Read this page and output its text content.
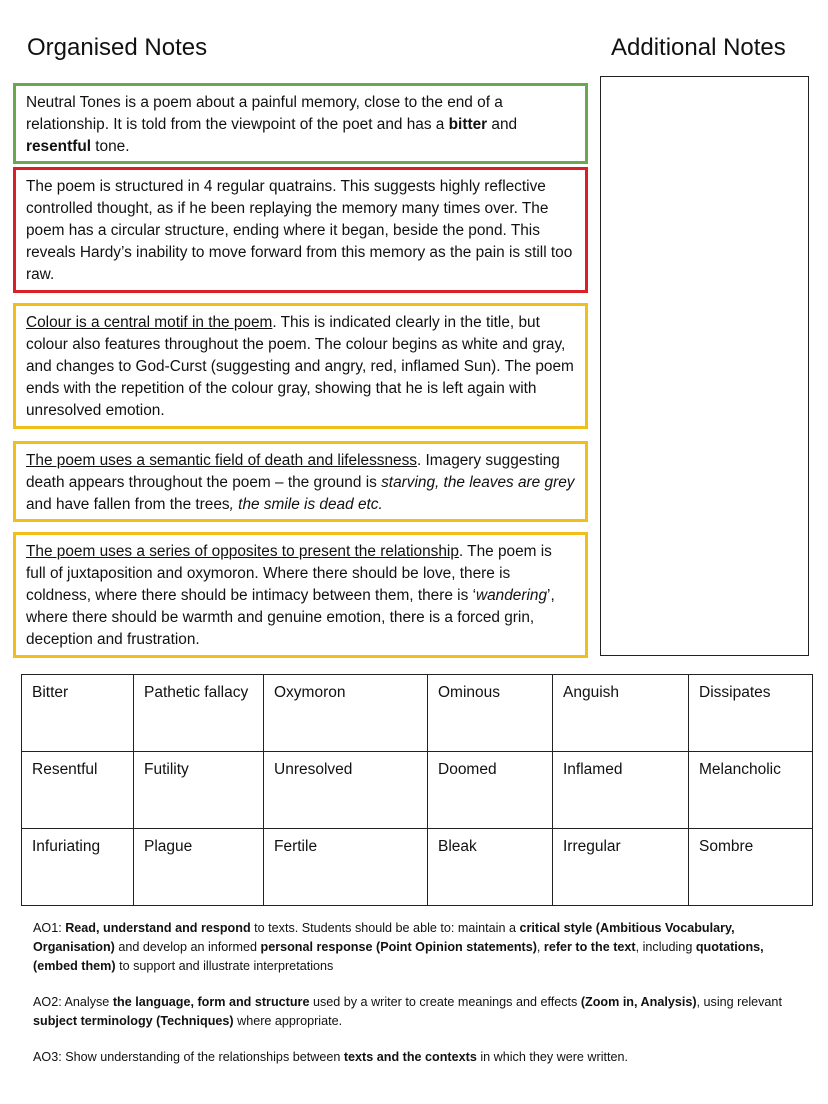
Organised Notes	Additional Notes
Neutral Tones is a poem about a painful memory, close to the end of a relationship. It is told from the viewpoint of the poet and has a bitter and resentful tone.
The poem is structured in 4 regular quatrains. This suggests highly reflective controlled thought, as if he been replaying the memory many times over. The poem has a circular structure, ending where it began, beside the pond. This reveals Hardy’s inability to move forward from this memory as the pain is still too raw.
Colour is a central motif in the poem. This is indicated clearly in the title, but colour also features throughout the poem. The colour begins as white and gray, and changes to God-Curst (suggesting and angry, red, inflamed Sun). The poem ends with the repetition of the colour gray, showing that he is left again with unresolved emotion.
The poem uses a semantic field of death and lifelessness. Imagery suggesting death appears throughout the poem – the ground is starving, the leaves are grey and have fallen from the trees, the smile is dead etc.
The poem uses a series of opposites to present the relationship. The poem is full of juxtaposition and oxymoron. Where there should be love, there is coldness, where there should be intimacy between them, there is ‘wandering’, where there should be warmth and genuine emotion, there is a forced grin, deception and frustration.
Bitter	Pathetic fallacy	Oxymoron	Ominous	Anguish	Dissipates
Resentful	Futility	Unresolved	Doomed	Inflamed	Melancholic
Infuriating	Plague	Fertile	Bleak	Irregular	Sombre

AO1: Read, understand and respond to texts. Students should be able to: maintain a critical style (Ambitious Vocabulary, Organisation) and develop an informed personal response (Point Opinion statements), refer to the text, including quotations, (embed them) to support and illustrate interpretations

AO2: Analyse the language, form and structure used by a writer to create meanings and effects (Zoom in, Analysis), using relevant subject terminology (Techniques) where appropriate.

AO3: Show understanding of the relationships between texts and the contexts in which they were written.
